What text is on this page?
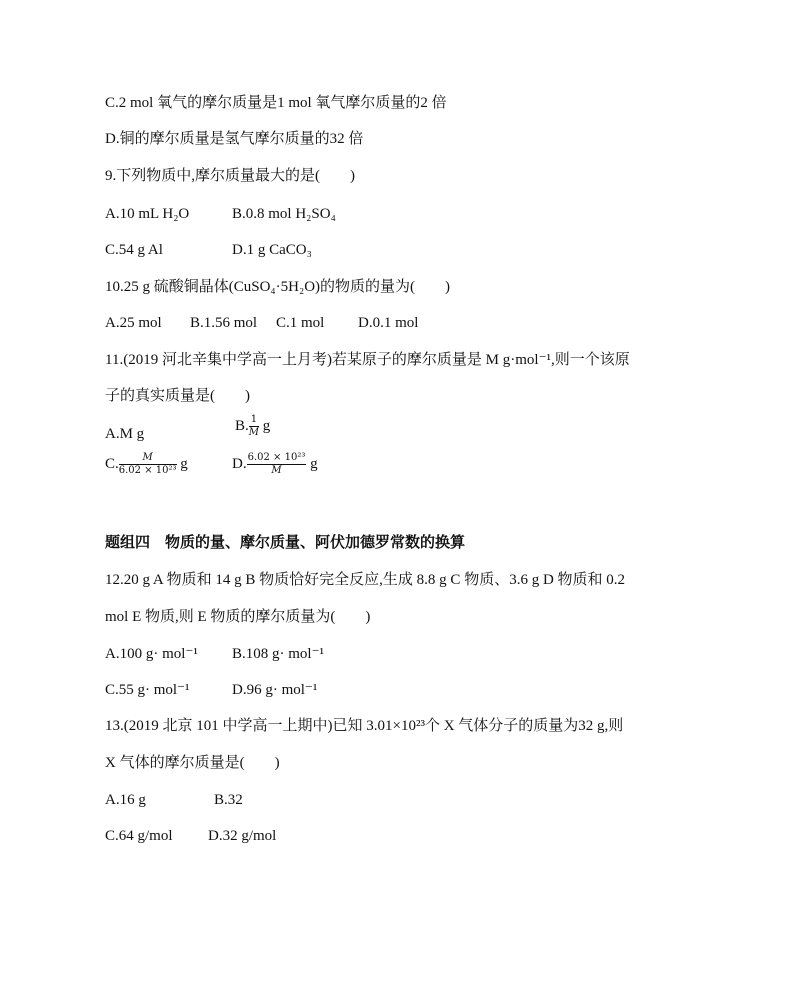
C.2 mol 氧气的摩尔质量是1 mol 氧气摩尔质量的2 倍
D.铜的摩尔质量是氢气摩尔质量的32 倍
9.下列物质中,摩尔质量最大的是(　　)
A.10 mL H₂O	B.0.8 mol H₂SO₄
C.54 g Al	D.1 g CaCO₃
10.25 g 硫酸铜晶体(CuSO₄·5H₂O)的物质的量为(　　)
A.25 mol B.1.56 mol C.1 mol D.0.1 mol
11.(2019 河北辛集中学高一上月考)若某原子的摩尔质量是 M g·mol⁻¹,则一个该原
子的真实质量是(　　)
A.M g
B. $\frac{1}{M}$ g
C. $\frac{M}{\text{6.02 × 10²³}}$ g	D. $\frac{\text{6.02 × 10²³}}{M}$ g
题组四　物质的量、摩尔质量、阿伏加德罗常数的换算
12.20 g A 物质和 14 g B 物质恰好完全反应,生成 8.8 g C 物质、3.6 g D 物质和 0.2
mol E 物质,则 E 物质的摩尔质量为(　　)
A.100 g· mol⁻¹ B.108 g· mol⁻¹
C.55 g· mol⁻¹	D.96 g· mol⁻¹
13.(2019 北京 101 中学高一上期中)已知 3.01×10²³个 X 气体分子的质量为32 g,则
X 气体的摩尔质量是(　　)
A.16 g	B.32
C.64 g/mol D.32 g/mol
